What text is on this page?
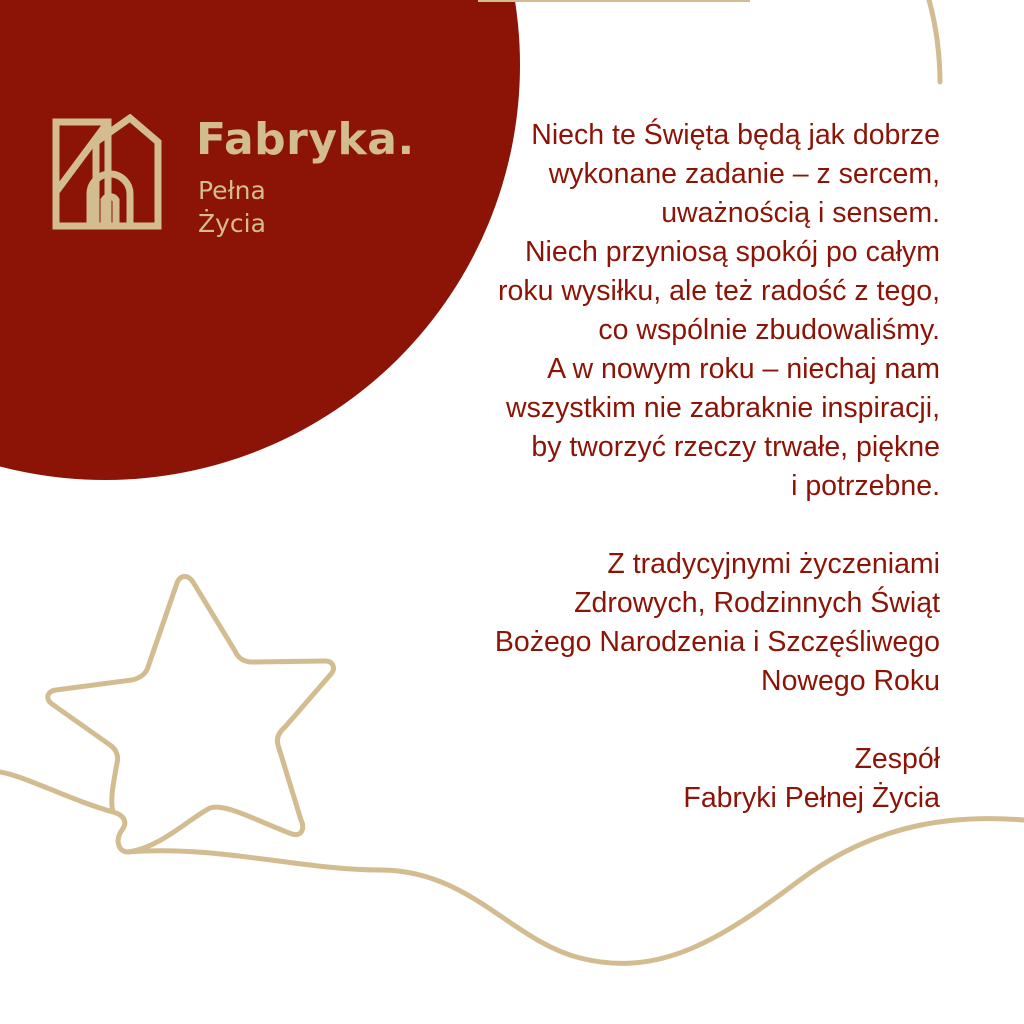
Fabryka.
Pełna
Życia
Niech te Święta będą jak dobrze
wykonane zadanie – z sercem,
uważnością i sensem.
Niech przyniosą spokój po całym
roku wysiłku, ale też radość z tego,
co wspólnie zbudowaliśmy.
A w nowym roku – niechaj nam
wszystkim nie zabraknie inspiracji,
by tworzyć rzeczy trwałe, piękne
i potrzebne.
Z tradycyjnymi życzeniami
Zdrowych, Rodzinnych Świąt
Bożego Narodzenia i Szczęśliwego
Nowego Roku
Zespół
Fabryki Pełnej Życia
